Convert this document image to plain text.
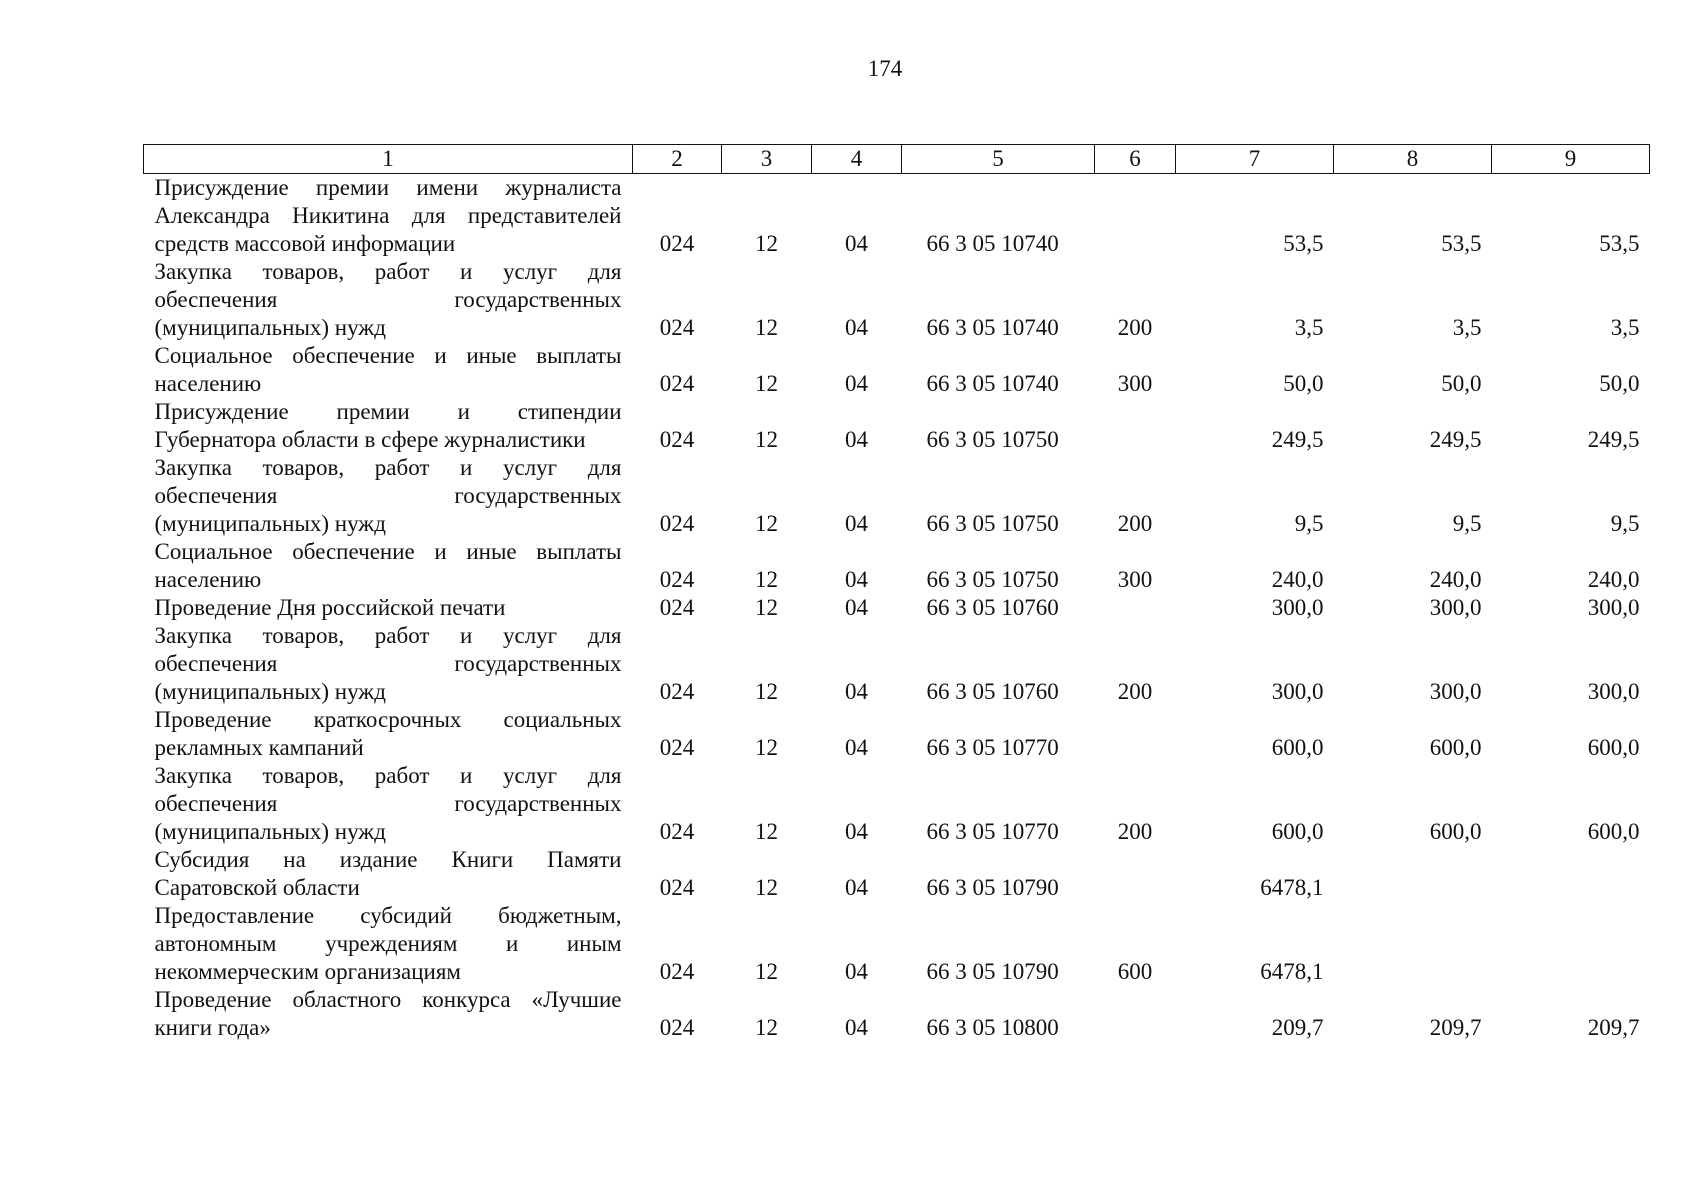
174
1	2	3	4	5	6	7	8	9
Присуждение премии имени журналиста Александра Никитина для представителей средств массовой информации	024	12	04	66 3 05 10740		53,5	53,5	53,5
Закупка товаров, работ и услуг для обеспечения государственных (муниципальных) нужд	024	12	04	66 3 05 10740	200	3,5	3,5	3,5
Социальное обеспечение и иные выплаты населению	024	12	04	66 3 05 10740	300	50,0	50,0	50,0
Присуждение премии и стипендии Губернатора области в сфере журналистики	024	12	04	66 3 05 10750		249,5	249,5	249,5
Закупка товаров, работ и услуг для обеспечения государственных (муниципальных) нужд	024	12	04	66 3 05 10750	200	9,5	9,5	9,5
Социальное обеспечение и иные выплаты населению	024	12	04	66 3 05 10750	300	240,0	240,0	240,0
Проведение Дня российской печати	024	12	04	66 3 05 10760		300,0	300,0	300,0
Закупка товаров, работ и услуг для обеспечения государственных (муниципальных) нужд	024	12	04	66 3 05 10760	200	300,0	300,0	300,0
Проведение краткосрочных социальных рекламных кампаний	024	12	04	66 3 05 10770		600,0	600,0	600,0
Закупка товаров, работ и услуг для обеспечения государственных (муниципальных) нужд	024	12	04	66 3 05 10770	200	600,0	600,0	600,0
Субсидия на издание Книги Памяти Саратовской области	024	12	04	66 3 05 10790		6478,1		
Предоставление субсидий бюджетным, автономным учреждениям и иным некоммерческим организациям	024	12	04	66 3 05 10790	600	6478,1		
Проведение областного конкурса «Лучшие книги года»	024	12	04	66 3 05 10800		209,7	209,7	209,7
